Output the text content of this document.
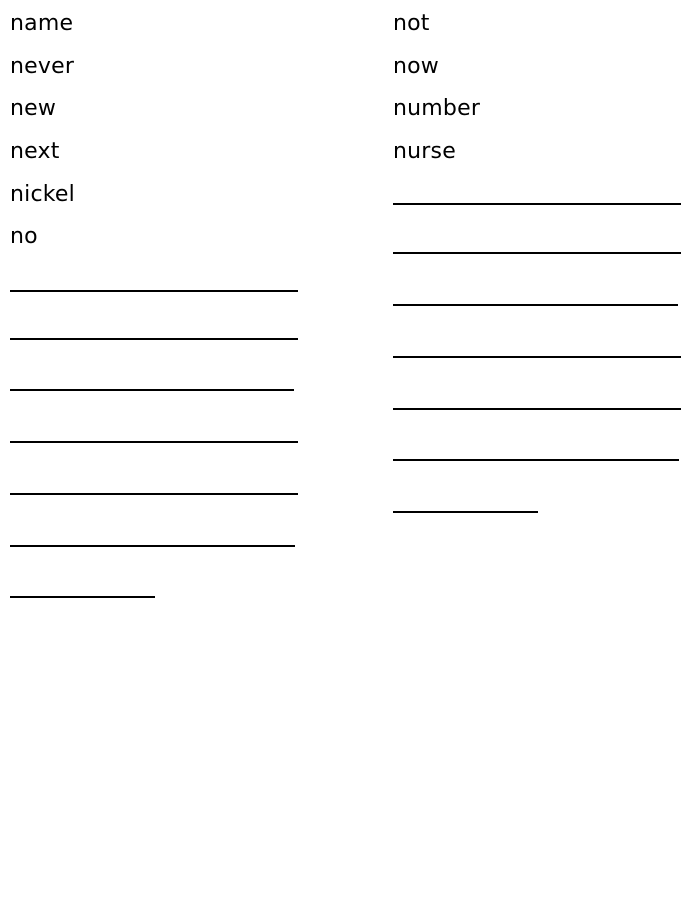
name
never
new
next
nickel
no
not
now
number
nurse
